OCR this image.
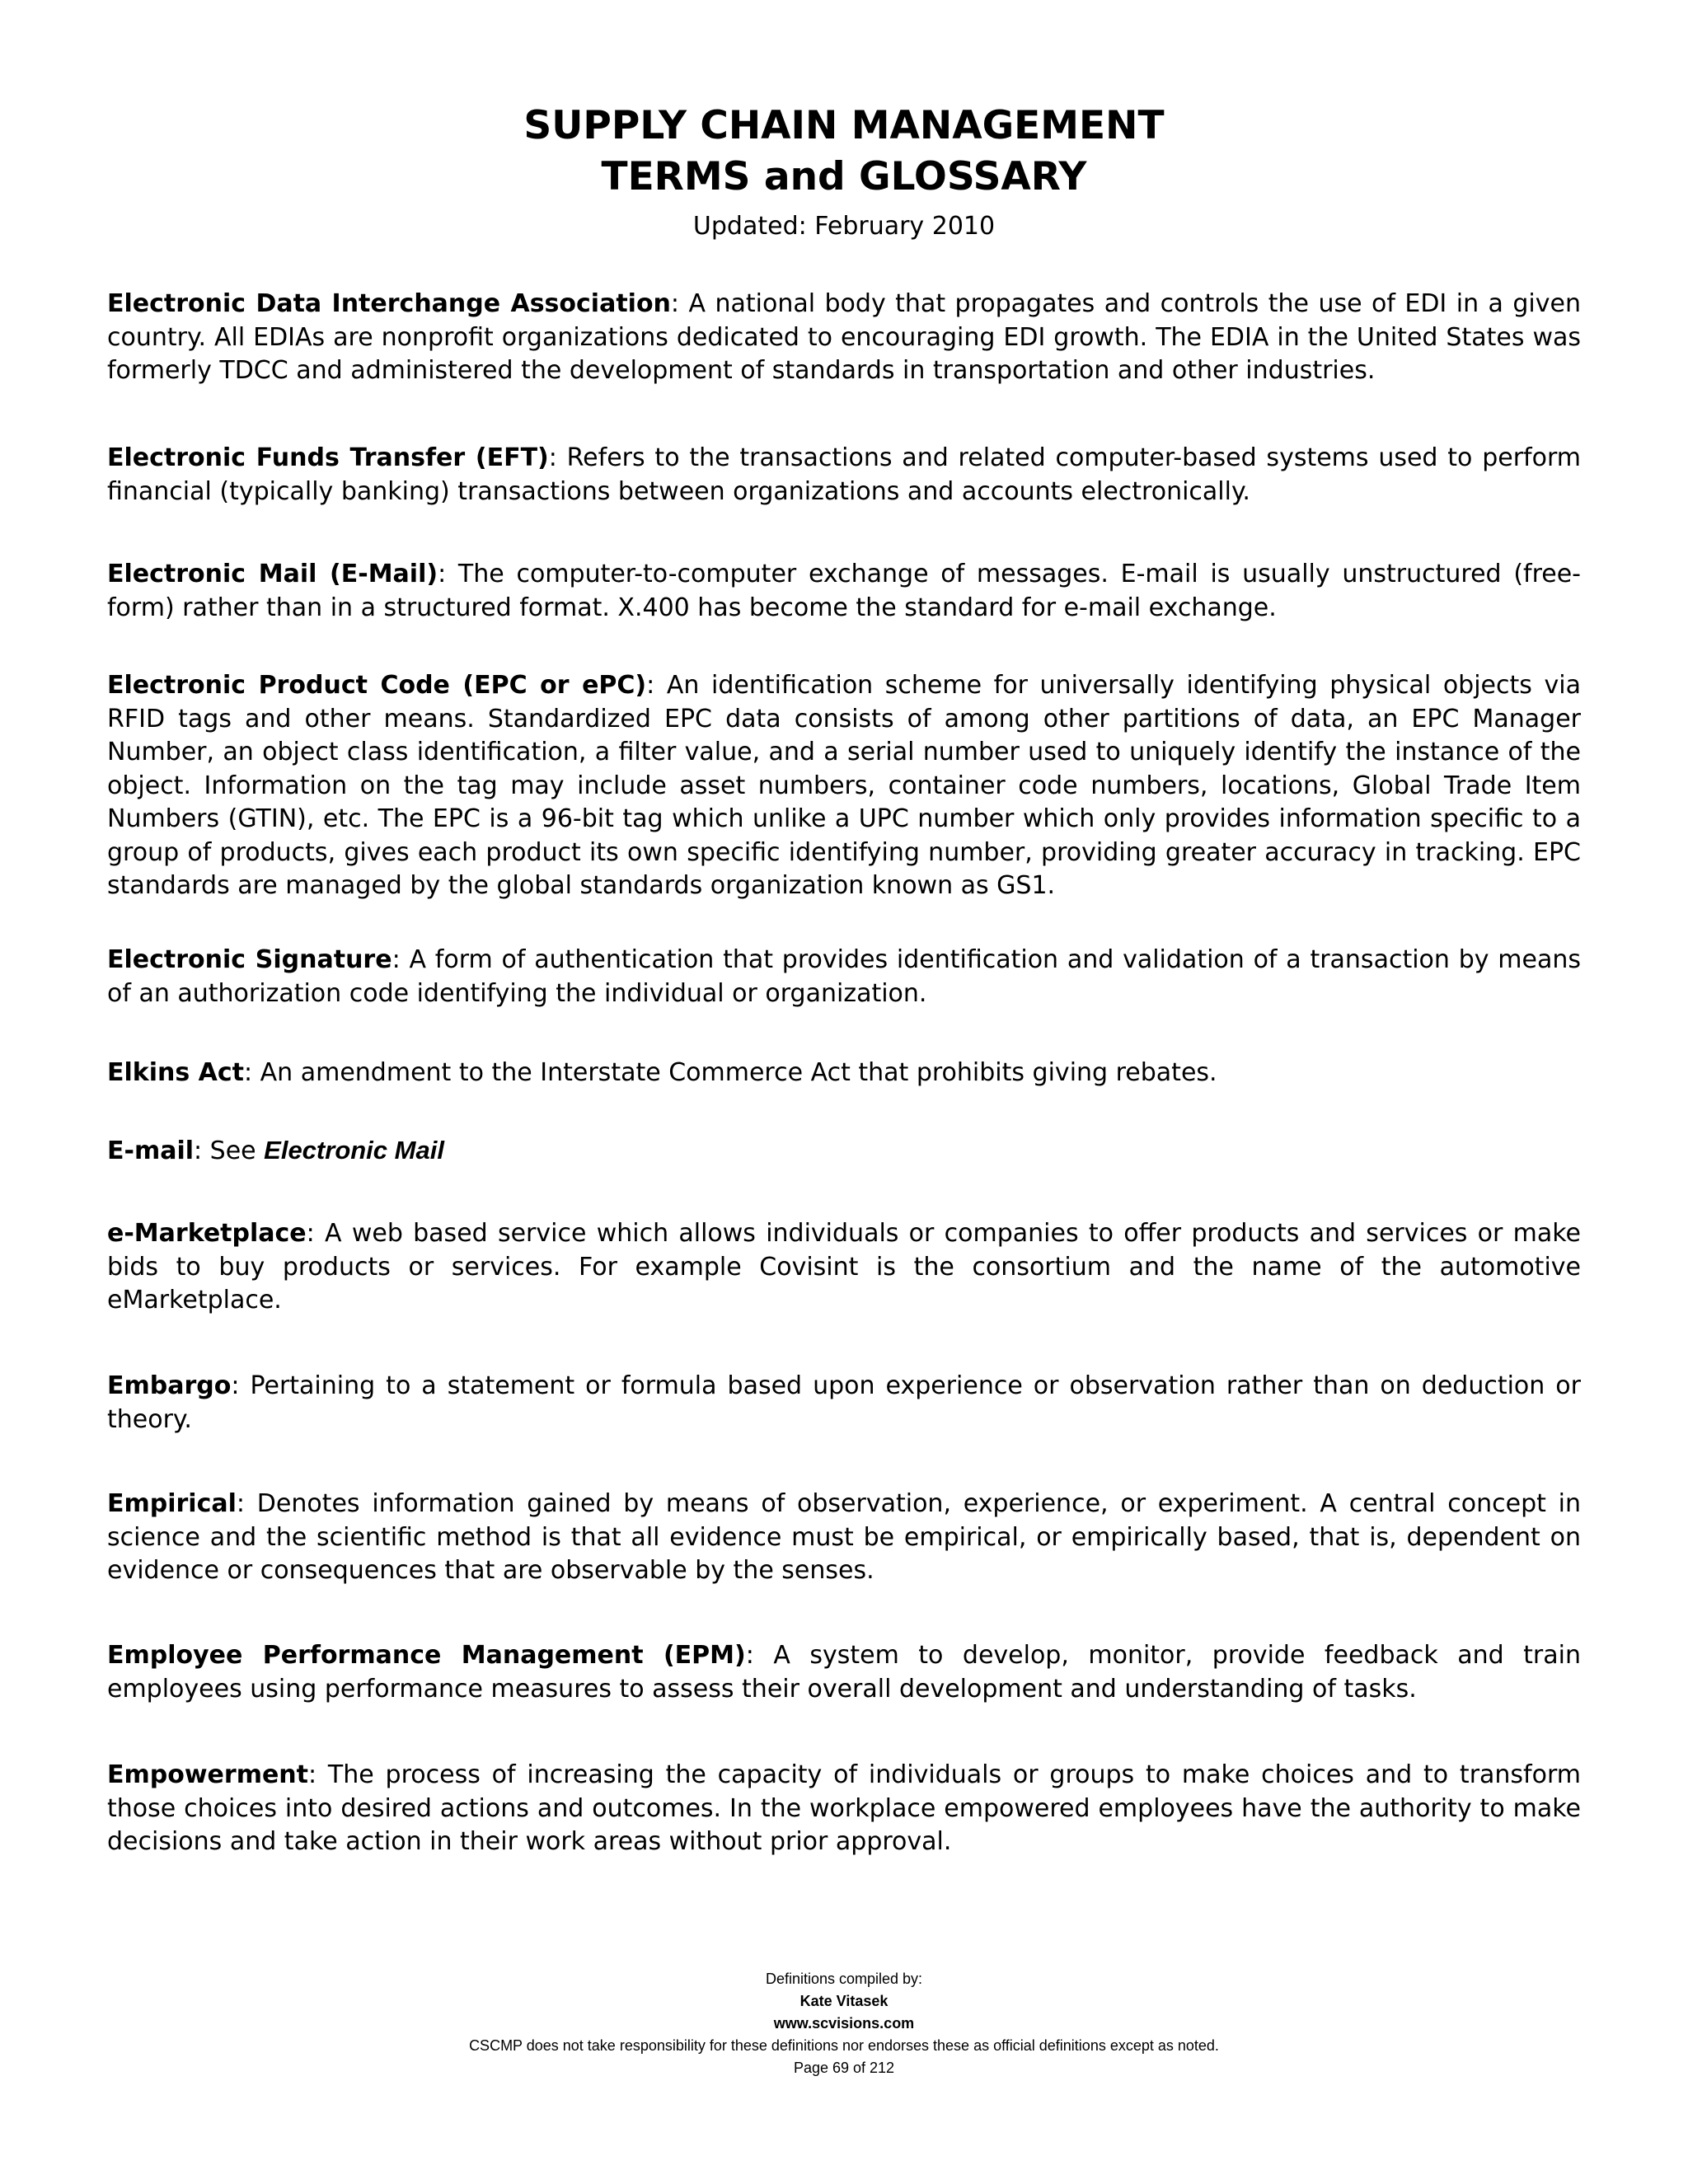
SUPPLY CHAIN MANAGEMENT
TERMS and GLOSSARY
Updated: February 2010

Electronic Data Interchange Association: A national body that propagates and controls the use of EDI in a given country. All EDIAs are nonprofit organizations dedicated to encouraging EDI growth. The EDIA in the United States was formerly TDCC and administered the development of standards in transportation and other industries.

Electronic Funds Transfer (EFT): Refers to the transactions and related computer-based systems used to perform financial (typically banking) transactions between organizations and accounts electronically.

Electronic Mail (E-Mail): The computer-to-computer exchange of messages. E-mail is usually unstructured (free-form) rather than in a structured format. X.400 has become the standard for e-mail exchange.

Electronic Product Code (EPC or ePC): An identification scheme for universally identifying physical objects via RFID tags and other means. Standardized EPC data consists of among other partitions of data, an EPC Manager Number, an object class identification, a filter value, and a serial number used to uniquely identify the instance of the object. Information on the tag may include asset numbers, container code numbers, locations, Global Trade Item Numbers (GTIN), etc. The EPC is a 96-bit tag which unlike a UPC number which only provides information specific to a group of products, gives each product its own specific identifying number, providing greater accuracy in tracking. EPC standards are managed by the global standards organization known as GS1.

Electronic Signature: A form of authentication that provides identification and validation of a transaction by means of an authorization code identifying the individual or organization.

Elkins Act: An amendment to the Interstate Commerce Act that prohibits giving rebates.

E-mail: See Electronic Mail

e-Marketplace: A web based service which allows individuals or companies to offer products and services or make bids to buy products or services. For example Covisint is the consortium and the name of the automotive eMarketplace.

Embargo: Pertaining to a statement or formula based upon experience or observation rather than on deduction or theory.

Empirical: Denotes information gained by means of observation, experience, or experiment. A central concept in science and the scientific method is that all evidence must be empirical, or empirically based, that is, dependent on evidence or consequences that are observable by the senses.

Employee Performance Management (EPM): A system to develop, monitor, provide feedback and train employees using performance measures to assess their overall development and understanding of tasks.

Empowerment: The process of increasing the capacity of individuals or groups to make choices and to transform those choices into desired actions and outcomes. In the workplace empowered employees have the authority to make decisions and take action in their work areas without prior approval.

Definitions compiled by:
Kate Vitasek
www.scvisions.com
CSCMP does not take responsibility for these definitions nor endorses these as official definitions except as noted.
Page 69 of 212
